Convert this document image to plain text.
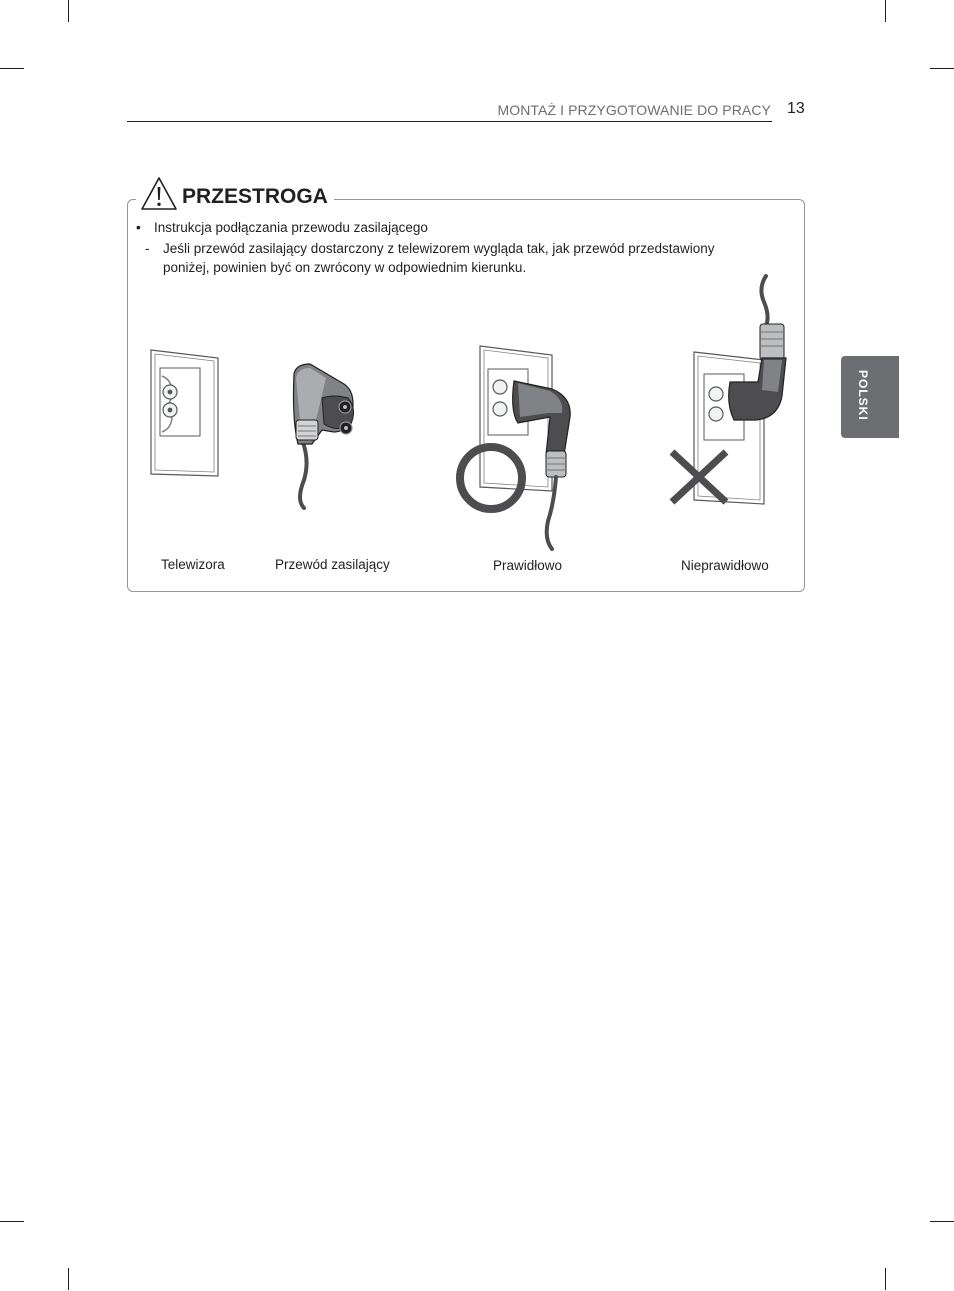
MONTAŻ I PRZYGOTOWANIE DO PRACY 13
POLSKI
PRZESTROGA
• Instrukcja podłączania przewodu zasilającego
-	Jeśli przewód zasilający dostarczony z telewizorem wygląda tak, jak przewód przedstawiony poniżej, powinien być on zwrócony w odpowiednim kierunku.
Telewizora	Przewód zasilający	Prawidłowo	Nieprawidłowo
